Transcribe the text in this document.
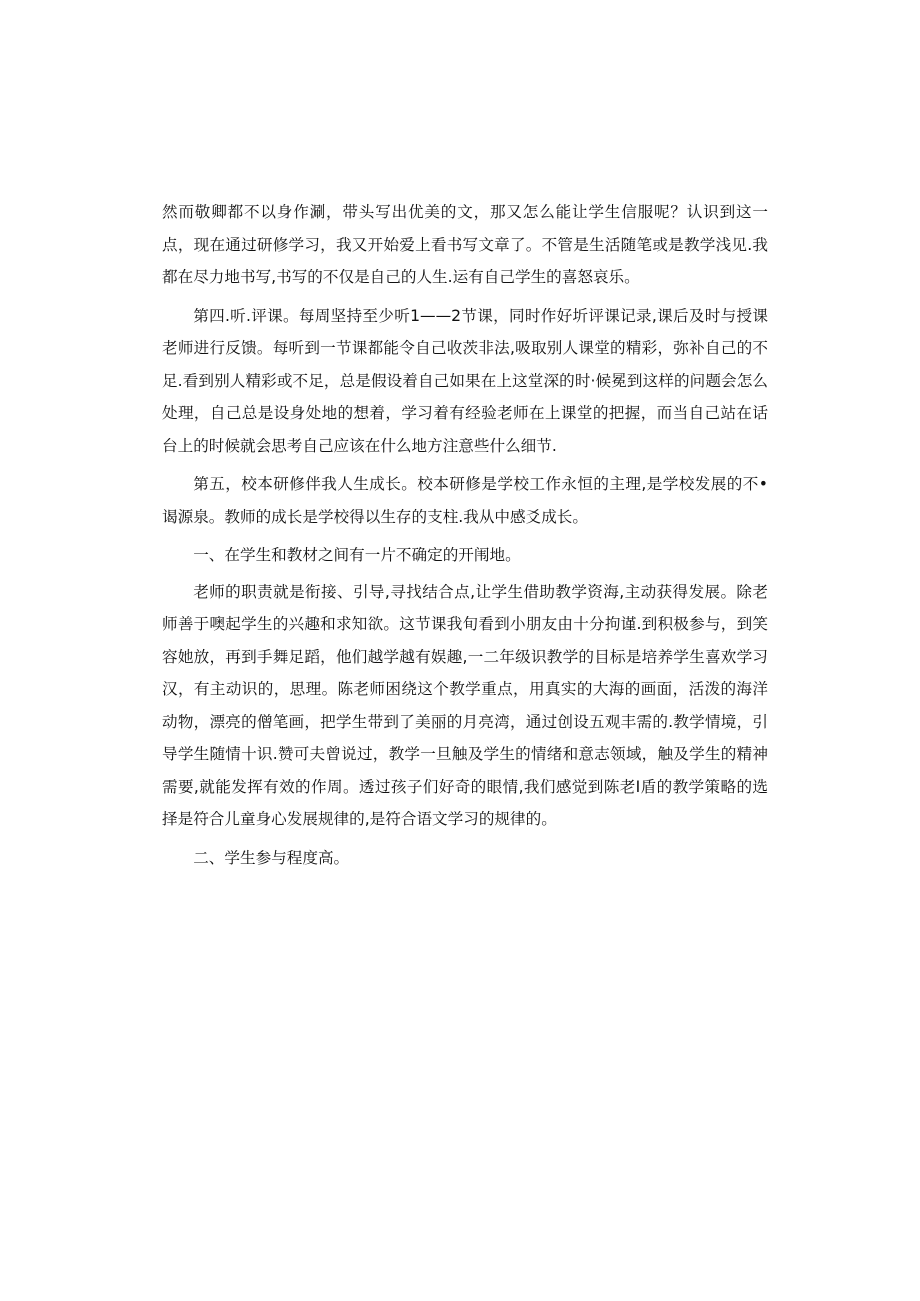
然而敬卿都不以身作涮，带头写出优美的文，那又怎么能让学生信服呢？认识到这一点，现在通过研修学习，我又开始爱上看书写文章了。不管是生活随笔或是教学浅见.我都在尽力地书写,书写的不仅是自己的人生.运有自己学生的喜怒哀乐。

第四.听.评课。每周坚持至少听1——2节课，同时作好圻评课记录,课后及时与授课老师进行反馈。每听到一节课都能令自己收茨非法,吸取别人课堂的精彩，弥补自己的不足.看到别人精彩或不足，总是假设着自己如果在上这堂深的时·候冕到这样的问题会怎么处理，自己总是设身处地的想着，学习着有经验老师在上课堂的把握，而当自己站在话台上的时候就会思考自己应该在什么地方注意些什么细节.

第五，校本研修伴我人生成长。校本研修是学校工作永恒的主理,是学校发展的不•谒源泉。教师的成长是学校得以生存的支柱.我从中感爻成长。

一、在学生和教材之间有一片不确定的开闱地。

老师的职责就是衔接、引导,寻找结合点,让学生借助教学资海,主动获得发展。除老师善于噢起学生的兴趣和求知欲。这节课我旬看到小朋友由十分拘谨.到积极参与，到笑容她放，再到手舞足蹈，他们越学越有娱趣,一二年级识教学的目标是培养学生喜欢学习汉，有主动识的，思理。陈老师困绕这个教学重点，用真实的大海的画面，活泼的海洋动物，漂亮的僧笔画，把学生带到了美丽的月亮湾，通过创设五观丰需的.教学情境，引导学生随情十识.赞可夫曾说过，教学一旦触及学生的情绪和意志领域，触及学生的精神需要,就能发挥有效的作周。透过孩子们好奇的眼情,我们感觉到陈老I盾的教学策略的选择是符合儿童身心发展规律的,是符合语文学习的规律的。

二、学生参与程度高。
